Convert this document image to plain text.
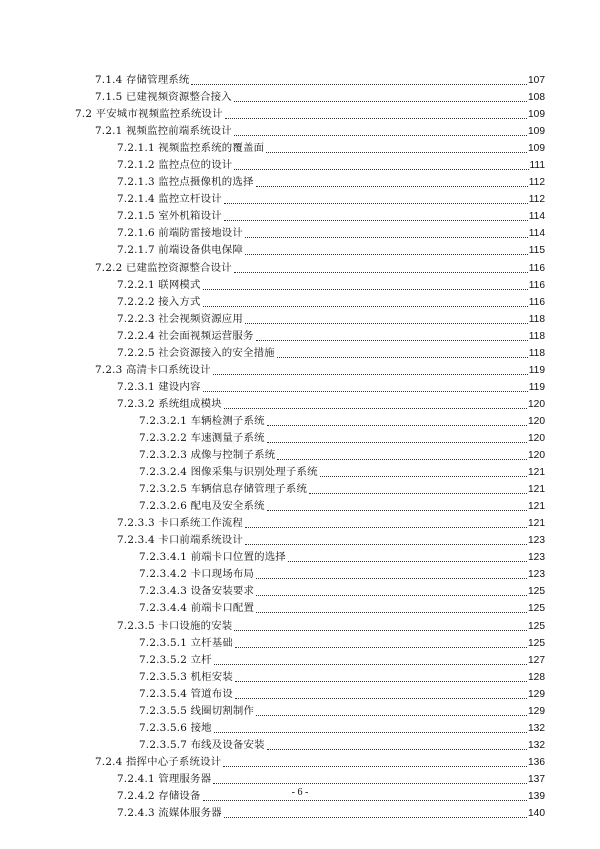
7.1.4 存储管理系统	107
7.1.5 已建视频资源整合接入	108
7.2 平安城市视频监控系统设计	109
7.2.1 视频监控前端系统设计	109
7.2.1.1 视频监控系统的覆盖面	109
7.2.1.2 监控点位的设计	111
7.2.1.3 监控点摄像机的选择	112
7.2.1.4 监控立杆设计	112
7.2.1.5 室外机箱设计	114
7.2.1.6 前端防雷接地设计	114
7.2.1.7 前端设备供电保障	115
7.2.2 已建监控资源整合设计	116
7.2.2.1 联网模式	116
7.2.2.2 接入方式	116
7.2.2.3 社会视频资源应用	118
7.2.2.4 社会面视频运营服务	118
7.2.2.5 社会资源接入的安全措施	118
7.2.3 高清卡口系统设计	119
7.2.3.1 建设内容	119
7.2.3.2 系统组成模块	120
7.2.3.2.1 车辆检测子系统	120
7.2.3.2.2 车速测量子系统	120
7.2.3.2.3 成像与控制子系统	120
7.2.3.2.4 图像采集与识别处理子系统	121
7.2.3.2.5 车辆信息存储管理子系统	121
7.2.3.2.6 配电及安全系统	121
7.2.3.3 卡口系统工作流程	121
7.2.3.4 卡口前端系统设计	123
7.2.3.4.1 前端卡口位置的选择	123
7.2.3.4.2 卡口现场布局	123
7.2.3.4.3 设备安装要求	125
7.2.3.4.4 前端卡口配置	125
7.2.3.5 卡口设施的安装	125
7.2.3.5.1 立杆基础	125
7.2.3.5.2 立杆	127
7.2.3.5.3 机柜安装	128
7.2.3.5.4 管道布设	129
7.2.3.5.5 线圈切割制作	129
7.2.3.5.6 接地	132
7.2.3.5.7 布线及设备安装	132
7.2.4 指挥中心子系统设计	136
7.2.4.1 管理服务器	137
7.2.4.2 存储设备	139
7.2.4.3 流媒体服务器	140
- 6 -
